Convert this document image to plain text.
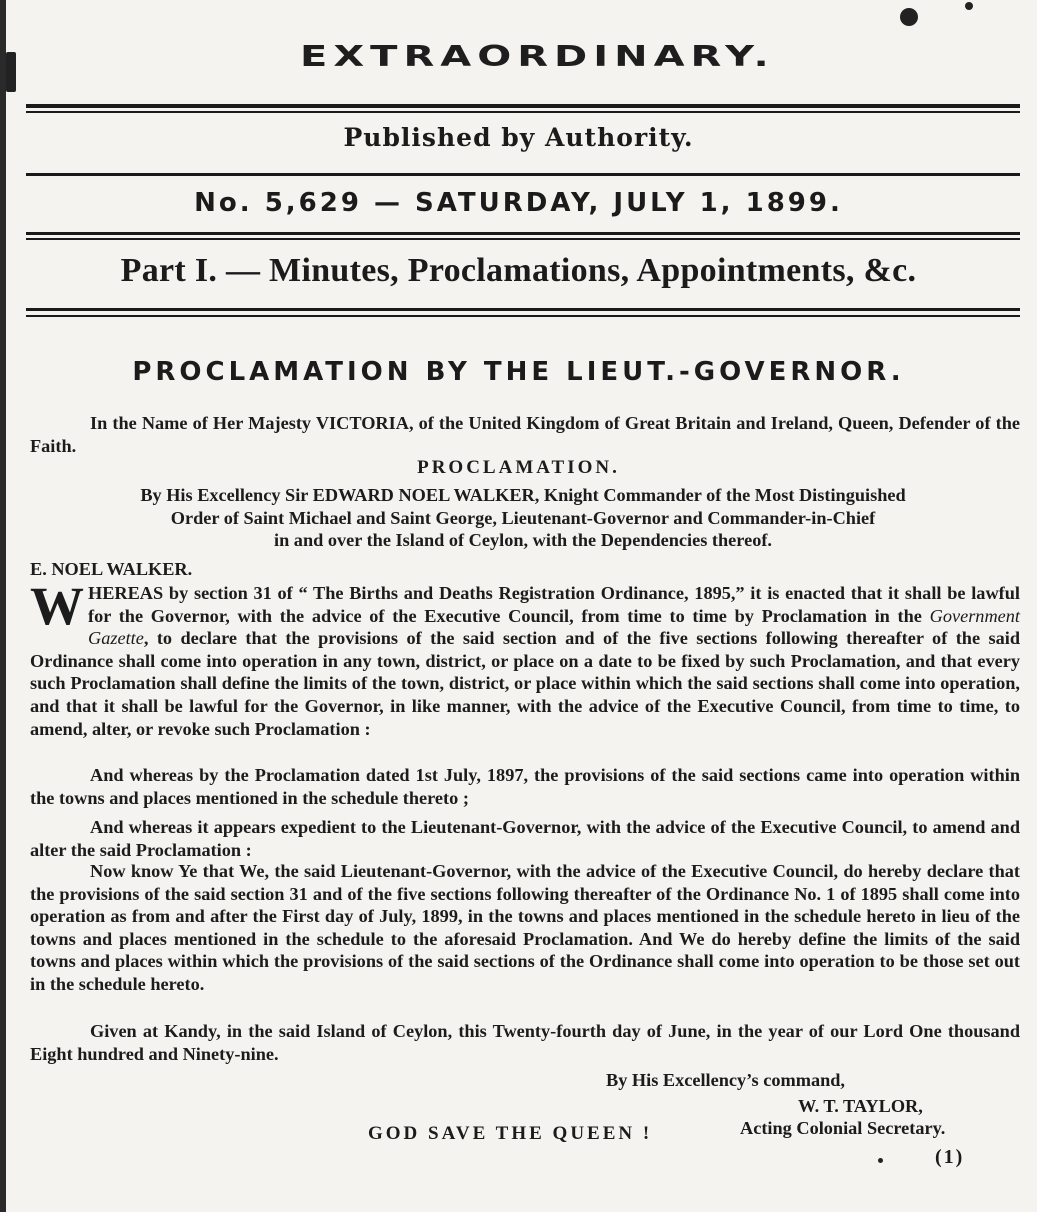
EXTRAORDINARY.
Published by Authority.
No. 5,629 — SATURDAY, JULY 1, 1899.
Part I. — Minutes, Proclamations, Appointments, &c.
PROCLAMATION BY THE LIEUT.-GOVERNOR.
In the Name of Her Majesty VICTORIA, of the United Kingdom of Great Britain and Ireland, Queen, Defender of the Faith.
PROCLAMATION.
By His Excellency Sir EDWARD NOEL WALKER, Knight Commander of the Most Distinguished
Order of Saint Michael and Saint George, Lieutenant-Governor and Commander-in-Chief
in and over the Island of Ceylon, with the Dependencies thereof.
E. NOEL WALKER.
WHEREAS by section 31 of “ The Births and Deaths Registration Ordinance, 1895,” it is enacted that it shall be lawful for the Governor, with the advice of the Executive Council, from time to time by Proclamation in the Government Gazette, to declare that the provisions of the said section and of the five sections following thereafter of the said Ordinance shall come into operation in any town, district, or place on a date to be fixed by such Proclamation, and that every such Proclamation shall define the limits of the town, district, or place within which the said sections shall come into operation, and that it shall be lawful for the Governor, in like manner, with the advice of the Executive Council, from time to time, to amend, alter, or revoke such Proclamation :
And whereas by the Proclamation dated 1st July, 1897, the provisions of the said sections came into operation within the towns and places mentioned in the schedule thereto ;
And whereas it appears expedient to the Lieutenant-Governor, with the advice of the Executive Council, to amend and alter the said Proclamation :
Now know Ye that We, the said Lieutenant-Governor, with the advice of the Executive Council, do hereby declare that the provisions of the said section 31 and of the five sections following thereafter of the Ordinance No. 1 of 1895 shall come into operation as from and after the First day of July, 1899, in the towns and places mentioned in the schedule hereto in lieu of the towns and places mentioned in the schedule to the aforesaid Proclamation. And We do hereby define the limits of the said towns and places within which the provisions of the said sections of the Ordinance shall come into operation to be those set out in the schedule hereto.
Given at Kandy, in the said Island of Ceylon, this Twenty-fourth day of June, in the year of our Lord One thousand Eight hundred and Ninety-nine.
By His Excellency’s command,
W. T. TAYLOR,
Acting Colonial Secretary.
GOD SAVE THE QUEEN !
(1)
